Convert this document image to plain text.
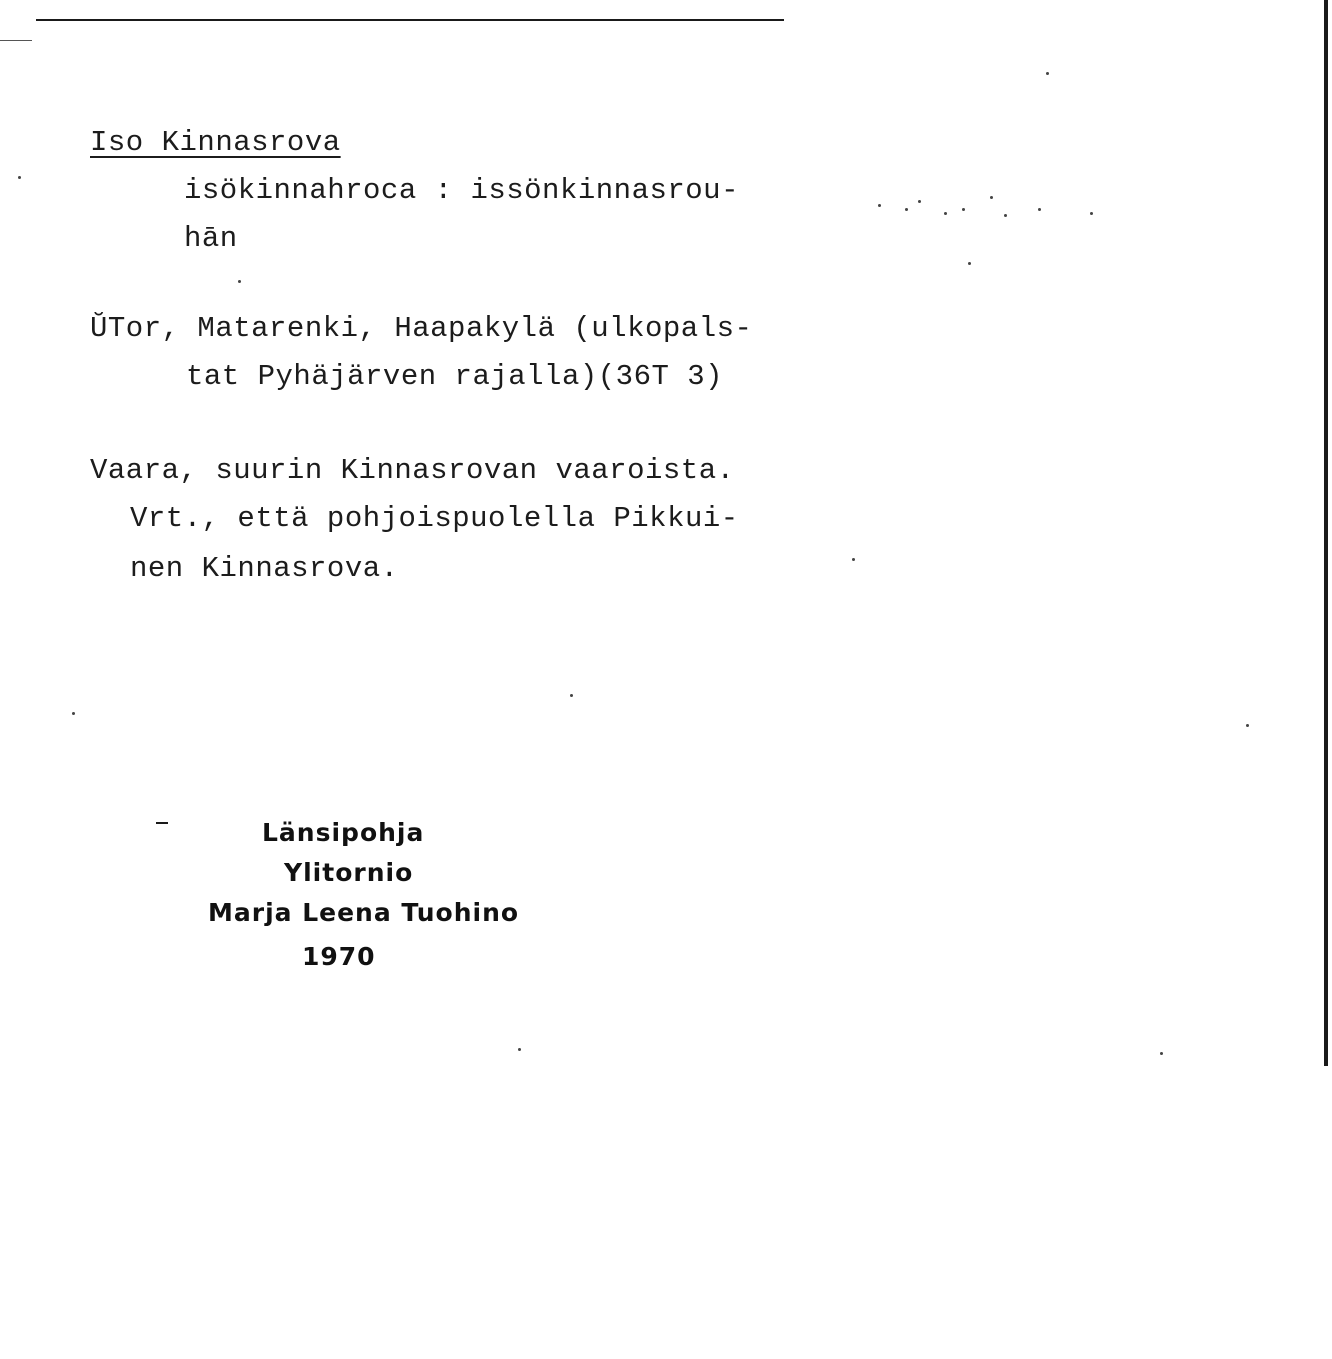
Iso Kinnasrova
isökinnahroca : issönkinnasrou-
hān
ŬTor, Matarenki, Haapakylä (ulkopals-
tat Pyhäjärven rajalla)(36T 3)
Vaara, suurin Kinnasrovan vaaroista.
Vrt., että pohjoispuolella Pikkui-
nen Kinnasrova.
Länsipohja
Ylitornio
Marja Leena Tuohino
1970
